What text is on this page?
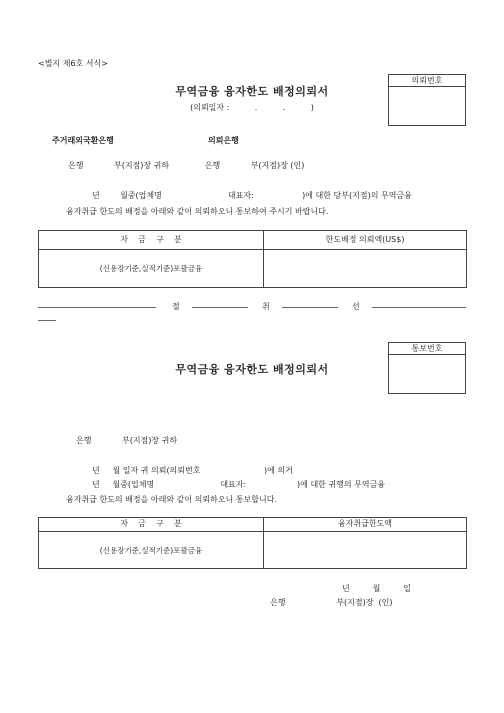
<별지 제6호 서식>
의뢰번호
무역금융 융자한도 배정의뢰서
(의뢰일자 :          .          .          )
주거래외국환은행	의뢰은행
은행            부(지점)장 귀하              은행            부(지점)장 (인)
년        월중(업체명                          대표자:                   )에 대한 당부(지점)의 무역금융
융자취급 한도의 배정을 아래와 같이 의뢰하오니 통보하여 주시기 바랍니다.
자    금    구    분	한도배정 의뢰액(US$)
(신용장기준,실적기준)포괄금융
절	취	선
통보번호
무역금융 융자한도 배정의뢰서
은행            부(지점)장 귀하
년     월 일자 귀 의뢰(의뢰번호                         )에 의거
년     월중(업체명                          대표자:                    )에 대한 귀행의 무역금융
융자취급 한도의 배정을 아래와 같이 의뢰하오니 통보합니다.
자    금    구    분	융자취급한도액
(신용장기준,실적기준)포괄금융
년         월         일
은행                    부(지점)장  (인)
